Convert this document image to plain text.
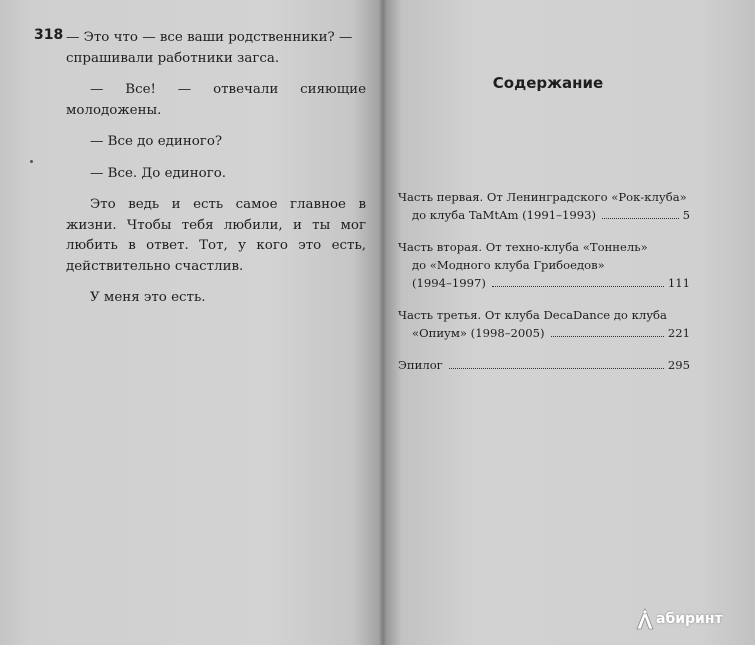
318 — Это что — все ваши родственники? —
спрашивали работники загса.

— Все! — отвечали сияющие молодожены.

— Все до единого?

— Все. До единого.

Это ведь и есть самое главное в жизни. Чтобы тебя любили, и ты мог любить в ответ. Тот, у кого это есть, действительно счастлив.

У меня это есть.

Содержание
Часть первая. От Ленинградского «Рок-клуба»
до клуба TaMtAm (1991–1993)	5
Часть вторая. От техно-клуба «Тоннель»
до «Модного клуба Грибоедов»
(1994–1997)	111
Часть третья. От клуба DecaDance до клуба
«Опиум» (1998–2005)	221
Эпилог	295
абиринт
